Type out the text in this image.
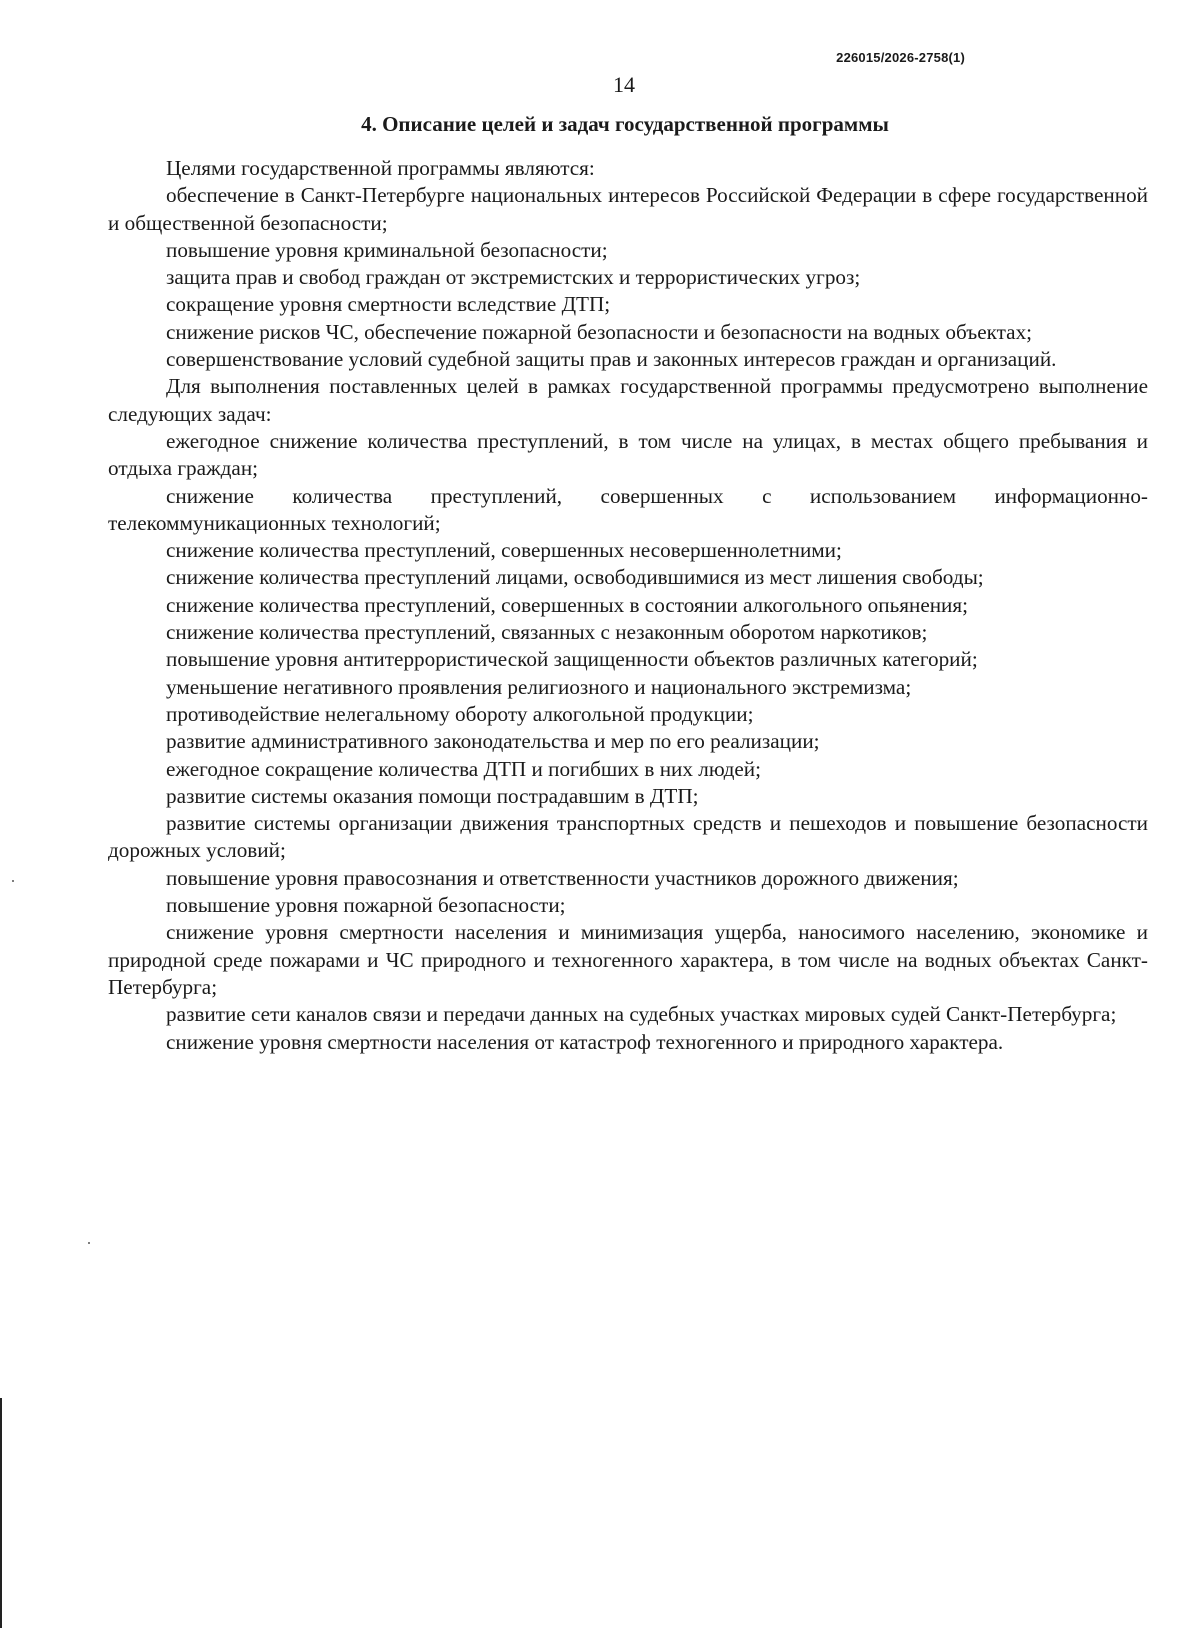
226015/2026-2758(1)
14
4. Описание целей и задач государственной программы

Целями государственной программы являются:

обеспечение в Санкт-Петербурге национальных интересов Российской Федерации в сфере государственной и общественной безопасности;

повышение уровня криминальной безопасности;

защита прав и свобод граждан от экстремистских и террористических угроз;

сокращение уровня смертности вследствие ДТП;

снижение рисков ЧС, обеспечение пожарной безопасности и безопасности на водных объектах;

совершенствование условий судебной защиты прав и законных интересов граждан и организаций.

Для выполнения поставленных целей в рамках государственной программы предусмотрено выполнение следующих задач:

ежегодное снижение количества преступлений, в том числе на улицах, в местах общего пребывания и отдыха граждан;

снижение количества преступлений, совершенных с использованием информационно-телекоммуникационных технологий;

снижение количества преступлений, совершенных несовершеннолетними;

снижение количества преступлений лицами, освободившимися из мест лишения свободы;

снижение количества преступлений, совершенных в состоянии алкогольного опьянения;

снижение количества преступлений, связанных с незаконным оборотом наркотиков;

повышение уровня антитеррористической защищенности объектов различных категорий;

уменьшение негативного проявления религиозного и национального экстремизма;

противодействие нелегальному обороту алкогольной продукции;

развитие административного законодательства и мер по его реализации;

ежегодное сокращение количества ДТП и погибших в них людей;

развитие системы оказания помощи пострадавшим в ДТП;

развитие системы организации движения транспортных средств и пешеходов и повышение безопасности дорожных условий;

повышение уровня правосознания и ответственности участников дорожного движения;

повышение уровня пожарной безопасности;

снижение уровня смертности населения и минимизация ущерба, наносимого населению, экономике и природной среде пожарами и ЧС природного и техногенного характера, в том числе на водных объектах Санкт-Петербурга;

развитие сети каналов связи и передачи данных на судебных участках мировых судей Санкт-Петербурга;

снижение уровня смертности населения от катастроф техногенного и природного характера.
